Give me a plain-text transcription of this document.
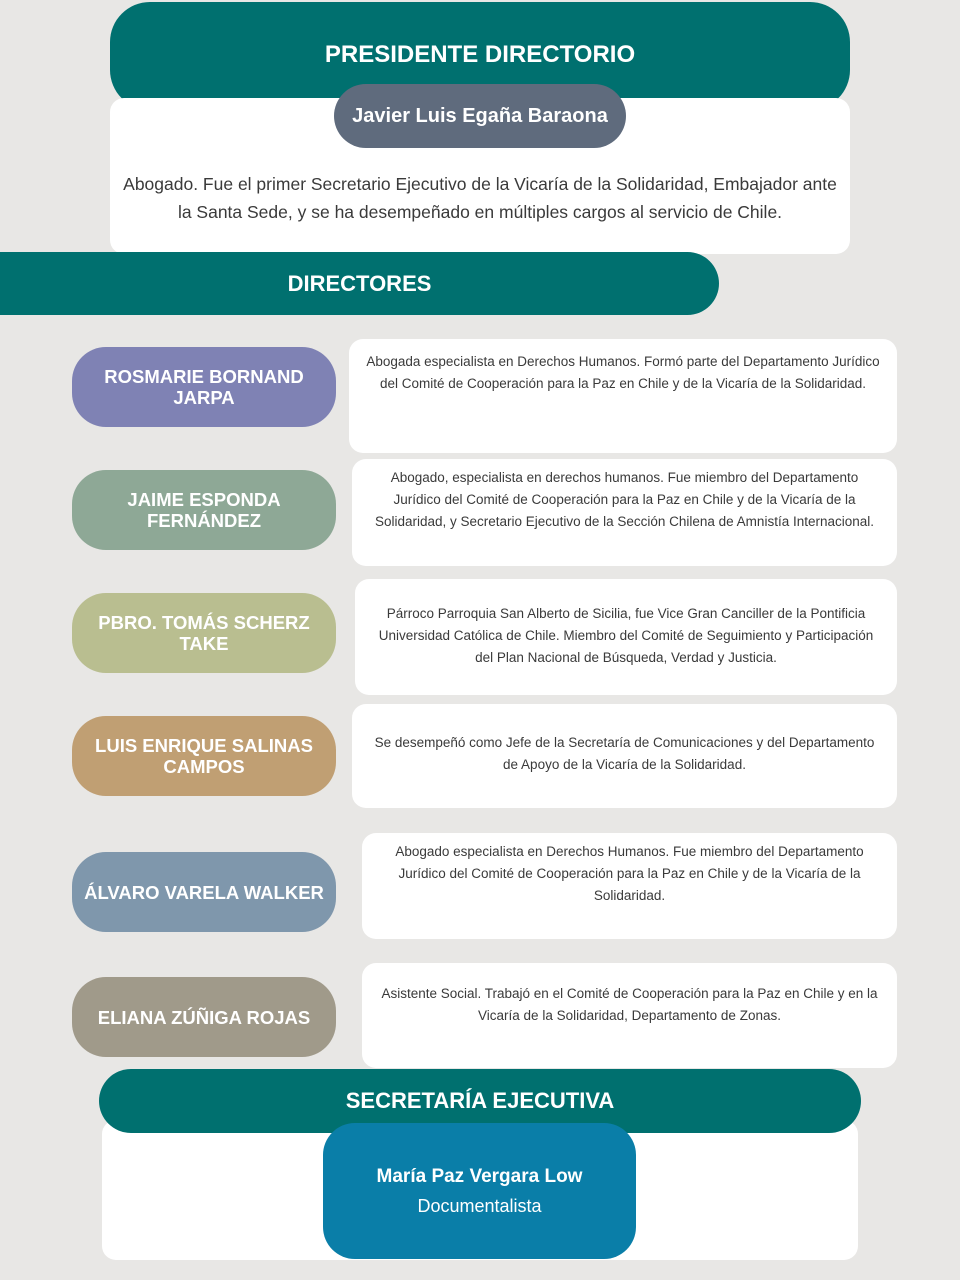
PRESIDENTE DIRECTORIO
Javier Luis Egaña Baraona
Abogado. Fue el primer Secretario Ejecutivo de la Vicaría de la Solidaridad, Embajador ante la Santa Sede, y se ha desempeñado en múltiples cargos al servicio de Chile.
DIRECTORES
ROSMARIE BORNAND JARPA
Abogada especialista en Derechos Humanos. Formó parte del Departamento Jurídico del Comité de Cooperación para la Paz en Chile y de la Vicaría de la Solidaridad.
JAIME ESPONDA FERNÁNDEZ
Abogado, especialista en derechos humanos. Fue miembro del Departamento Jurídico del Comité de Cooperación para la Paz en Chile y de la Vicaría de la Solidaridad, y Secretario Ejecutivo de la Sección Chilena de Amnistía Internacional.
PBRO. TOMÁS SCHERZ TAKE
Párroco Parroquia San Alberto de Sicilia, fue Vice Gran Canciller de la Pontificia Universidad Católica de Chile. Miembro del Comité de Seguimiento y Participación del Plan Nacional de Búsqueda, Verdad y Justicia.
LUIS ENRIQUE SALINAS CAMPOS
Se desempeñó como Jefe de la Secretaría de Comunicaciones y del Departamento de Apoyo de la Vicaría de la Solidaridad.
ÁLVARO VARELA WALKER
Abogado especialista en Derechos Humanos. Fue miembro del Departamento Jurídico del Comité de Cooperación para la Paz en Chile y de la Vicaría de la Solidaridad.
ELIANA ZÚÑIGA ROJAS
Asistente Social. Trabajó en el Comité de Cooperación para la Paz en Chile y en la Vicaría de la Solidaridad, Departamento de Zonas.
SECRETARÍA EJECUTIVA
María Paz Vergara Low
Documentalista
